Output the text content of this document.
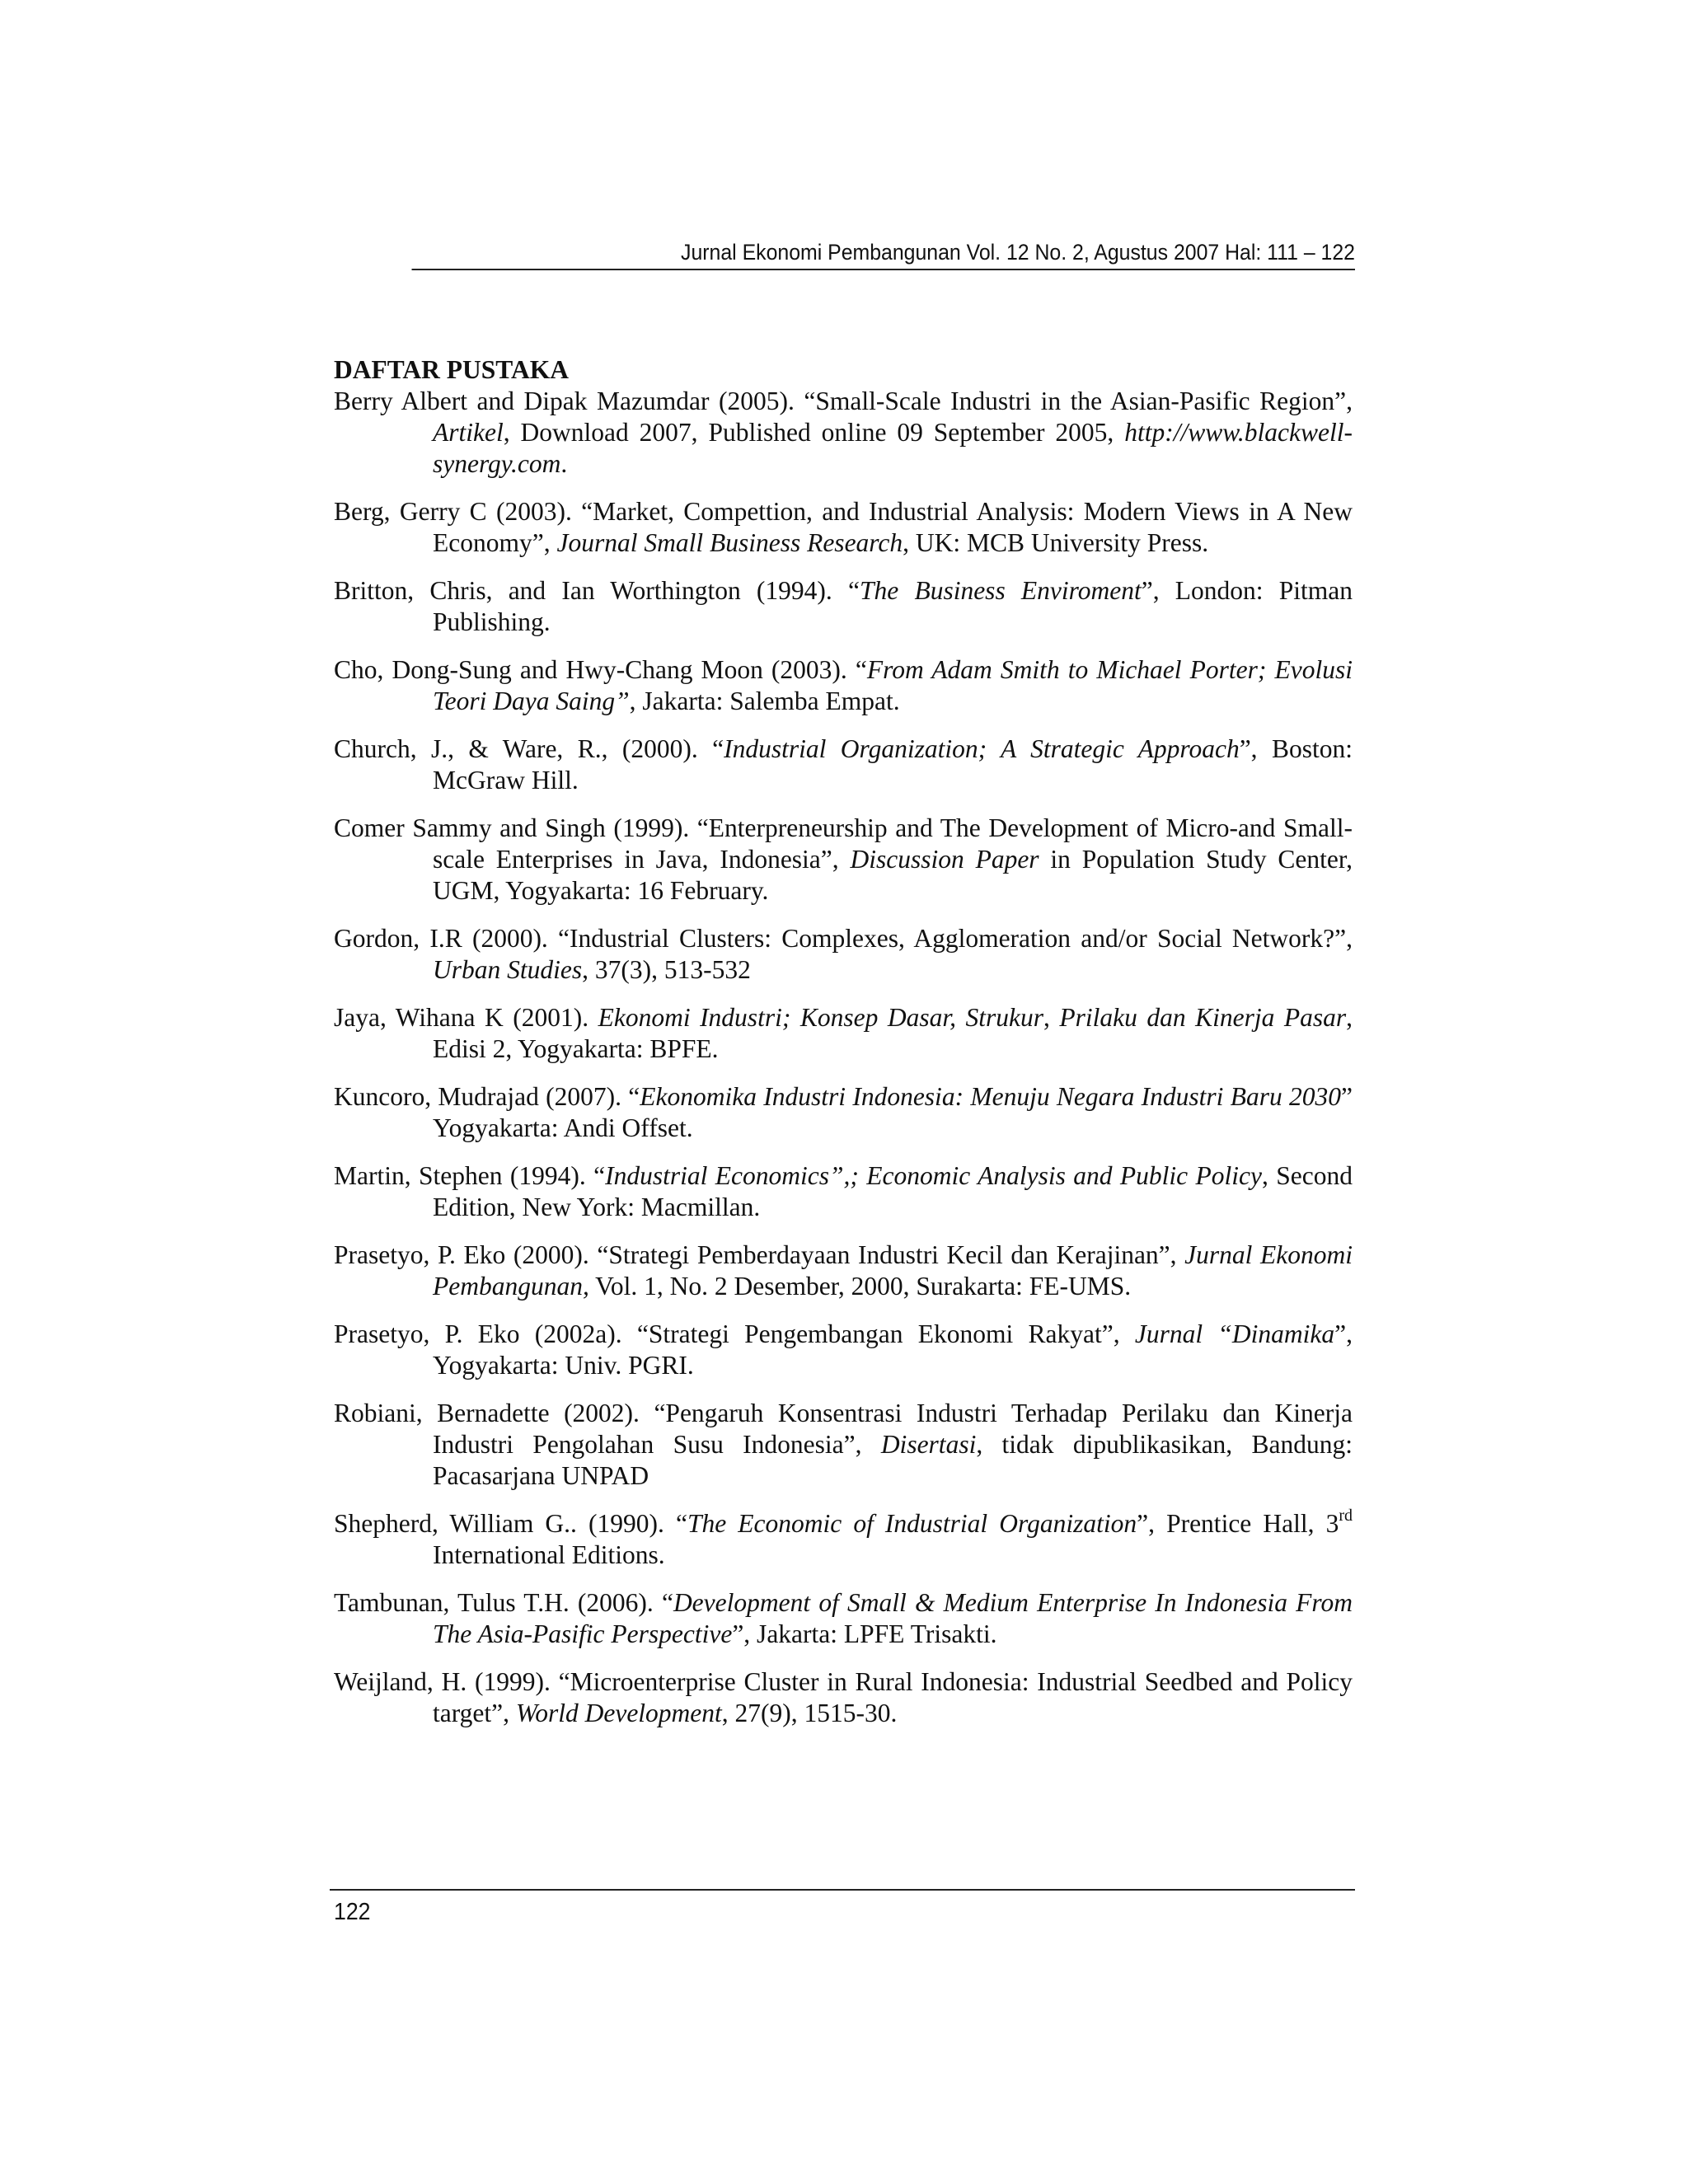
Jurnal Ekonomi Pembangunan Vol. 12 No. 2, Agustus 2007 Hal: 111 – 122
DAFTAR PUSTAKA
Berry Albert and Dipak Mazumdar (2005). “Small-Scale Industri in the Asian-Pasific Region”, Artikel, Download 2007, Published online 09 September 2005, http://www.blackwell-synergy.com.
Berg, Gerry C (2003). “Market, Compettion, and Industrial Analysis: Modern Views in A New Economy”, Journal Small Business Research, UK: MCB University Press.
Britton, Chris, and Ian Worthington (1994). “The Business Enviroment”, London: Pitman Publishing.
Cho, Dong-Sung and Hwy-Chang Moon (2003). “From Adam Smith to Michael Porter; Evolusi Teori Daya Saing”, Jakarta: Salemba Empat.
Church, J., & Ware, R., (2000). “Industrial Organization; A Strategic Approach”, Boston: McGraw Hill.
Comer Sammy and Singh (1999). “Enterpreneurship and The Development of Micro-and Small-scale Enterprises in Java, Indonesia”, Discussion Paper in Population Study Center, UGM, Yogyakarta: 16 February.
Gordon, I.R (2000). “Industrial Clusters: Complexes, Agglomeration and/or Social Network?”, Urban Studies, 37(3), 513-532
Jaya, Wihana K (2001). Ekonomi Industri; Konsep Dasar, Strukur, Prilaku dan Kinerja Pasar, Edisi 2, Yogyakarta: BPFE.
Kuncoro, Mudrajad (2007). “Ekonomika Industri Indonesia: Menuju Negara Industri Baru 2030” Yogyakarta: Andi Offset.
Martin, Stephen (1994). “Industrial Economics”,; Economic Analysis and Public Policy, Second Edition, New York: Macmillan.
Prasetyo, P. Eko (2000). “Strategi Pemberdayaan Industri Kecil dan Kerajinan”, Jurnal Ekonomi Pembangunan, Vol. 1, No. 2 Desember, 2000, Surakarta: FE-UMS.
Prasetyo, P. Eko (2002a). “Strategi Pengembangan Ekonomi Rakyat”, Jurnal “Dinamika”, Yogyakarta: Univ. PGRI.
Robiani, Bernadette (2002). “Pengaruh Konsentrasi Industri Terhadap Perilaku dan Kinerja Industri Pengolahan Susu Indonesia”, Disertasi, tidak dipublikasikan, Bandung: Pacasarjana UNPAD
Shepherd, William G.. (1990). “The Economic of Industrial Organization”, Prentice Hall, 3rd International Editions.
Tambunan, Tulus T.H. (2006). “Development of Small & Medium Enterprise In Indonesia From The Asia-Pasific Perspective”, Jakarta: LPFE Trisakti.
Weijland, H. (1999). “Microenterprise Cluster in Rural Indonesia: Industrial Seedbed and Policy target”, World Development, 27(9), 1515-30.
122
